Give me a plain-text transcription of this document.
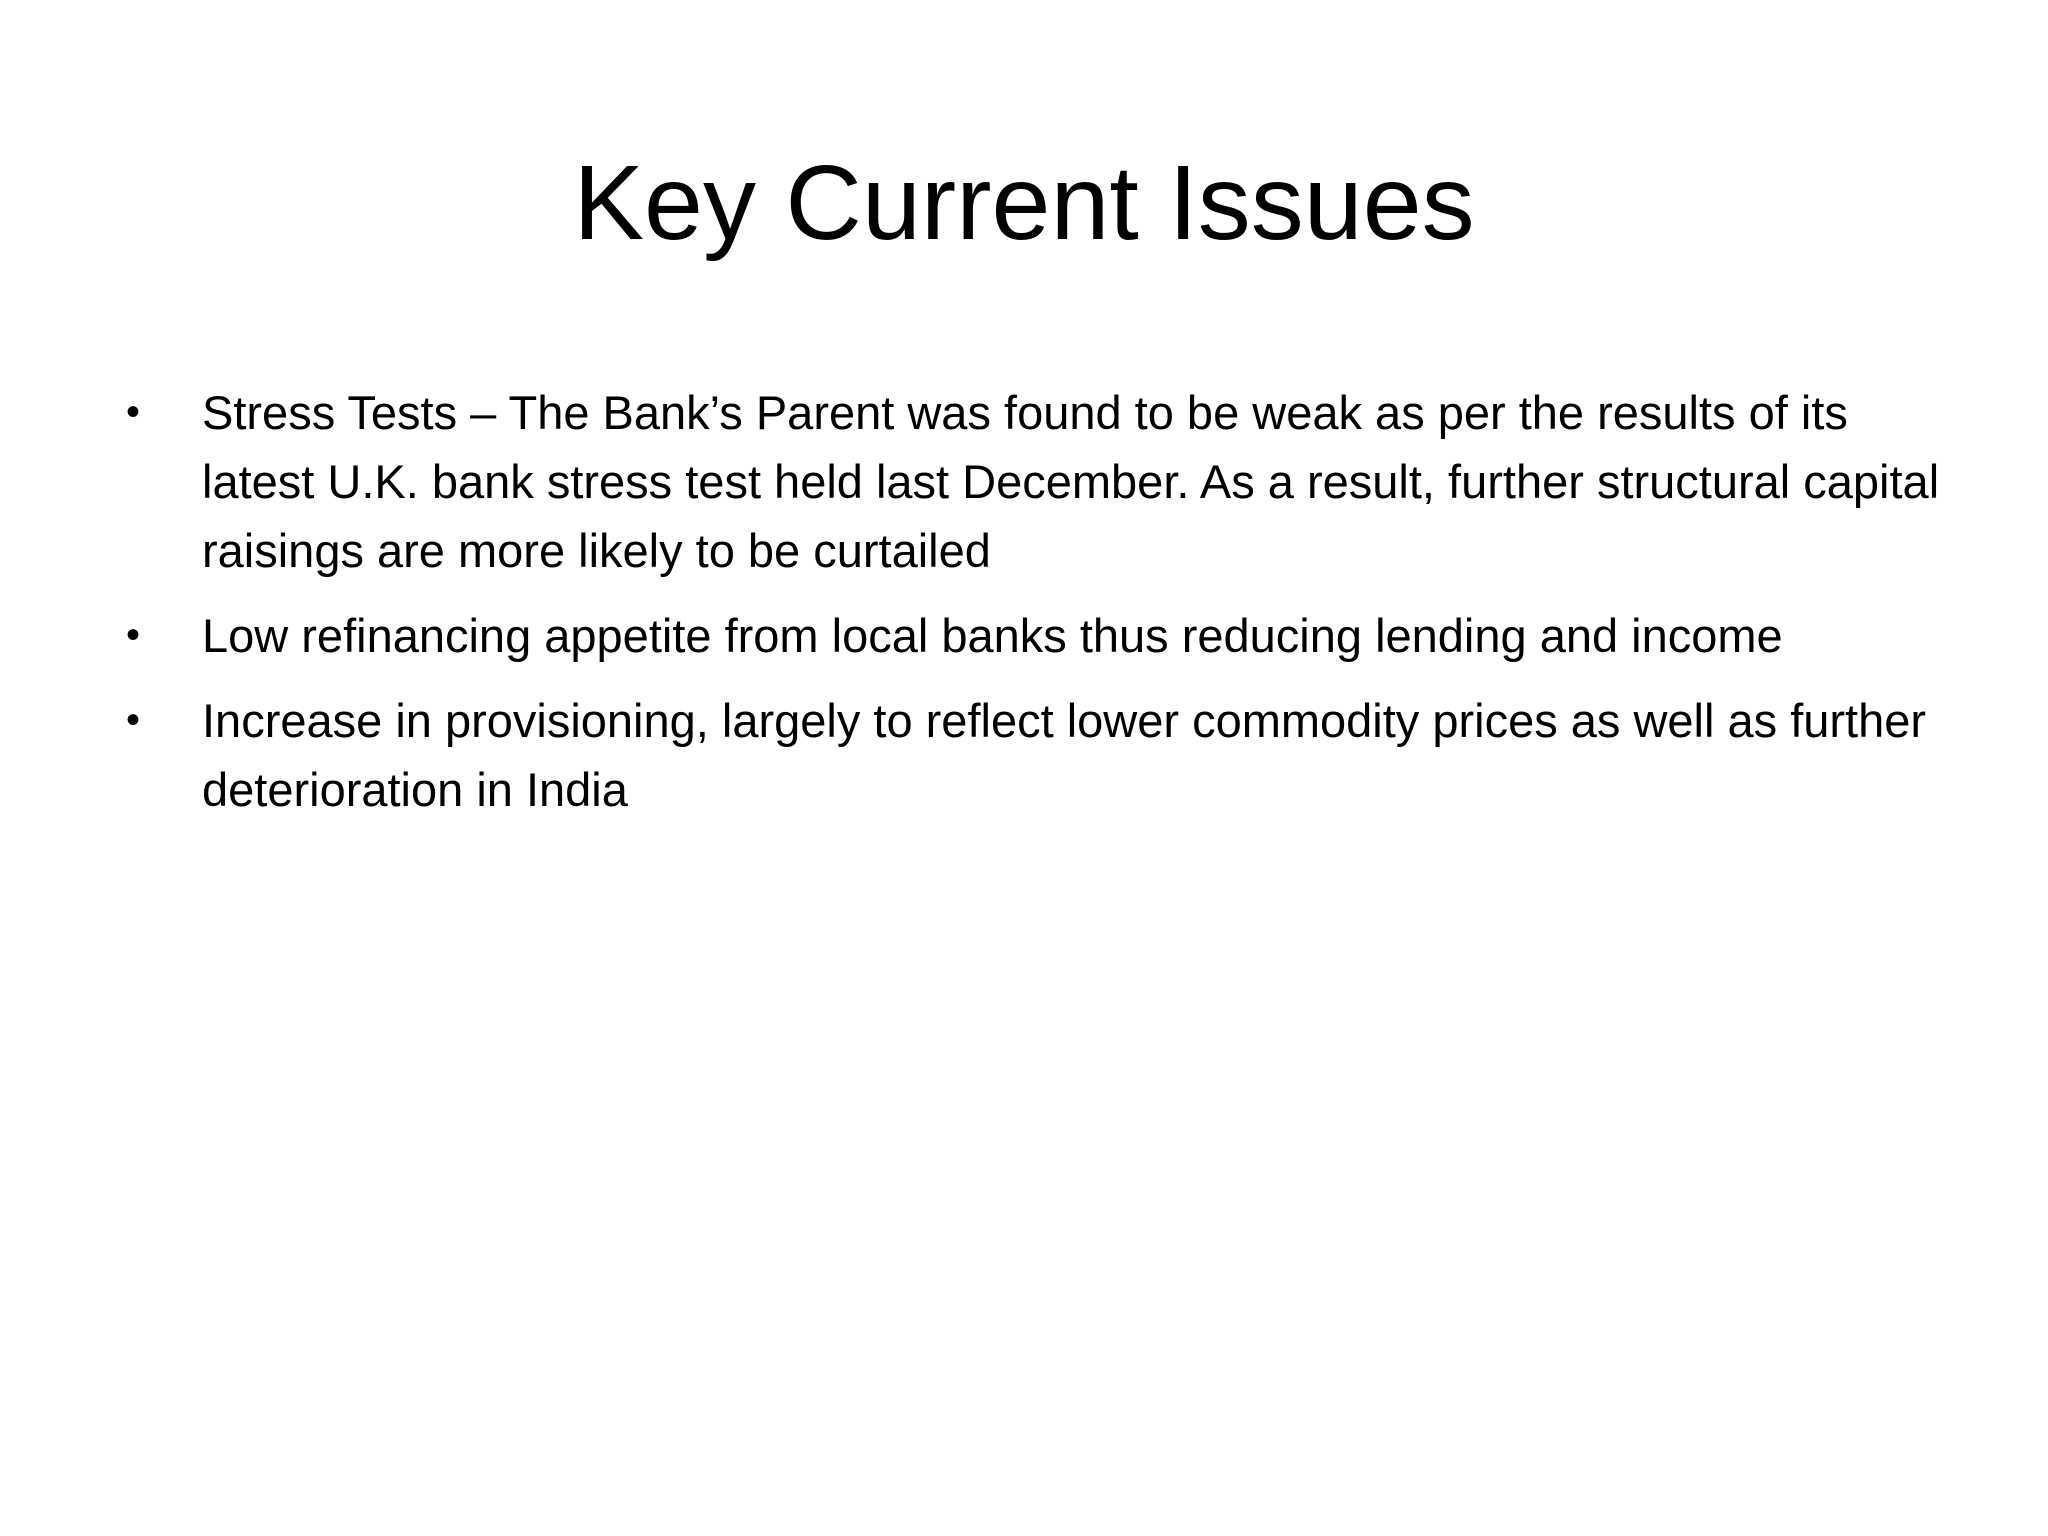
Key Current Issues
• Stress Tests – The Bank’s Parent was found to be weak as per the results of its latest U.K. bank stress test held last December. As a result, further structural capital raisings are more likely to be curtailed
• Low refinancing appetite from local banks thus reducing lending and income
• Increase in provisioning, largely to reflect lower commodity prices as well as further deterioration in India
